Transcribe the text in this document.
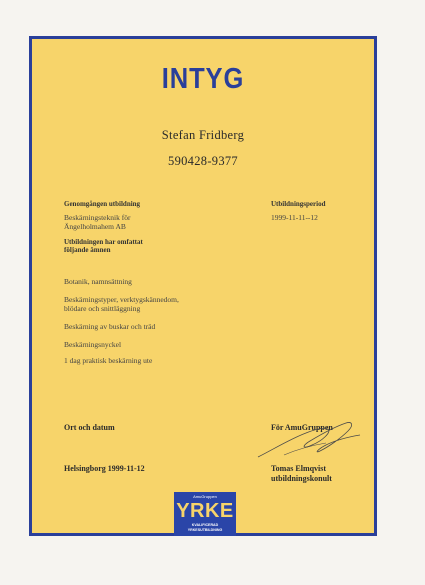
INTYG
Stefan Fridberg
590428-9377
Genomgången utbildning
Beskärningsteknik för
Ängelholmahem AB
Utbildningsperiod
1999-11-11--12
Utbildningen har omfattat
följande ämnen
Botanik, namnsättning
Beskärningstyper, verktygskännedom,
blödare och snittläggning
Beskärning av buskar och träd
Beskärningsnyckel
1 dag praktisk beskärning ute
Ort och datum
Helsingborg 1999-11-12
För AmuGruppen
Tomas Elmqvist
utbildningskonult
AmuGruppen
YRKE
KVALIFICERAD
YRKESUTBILDNING
